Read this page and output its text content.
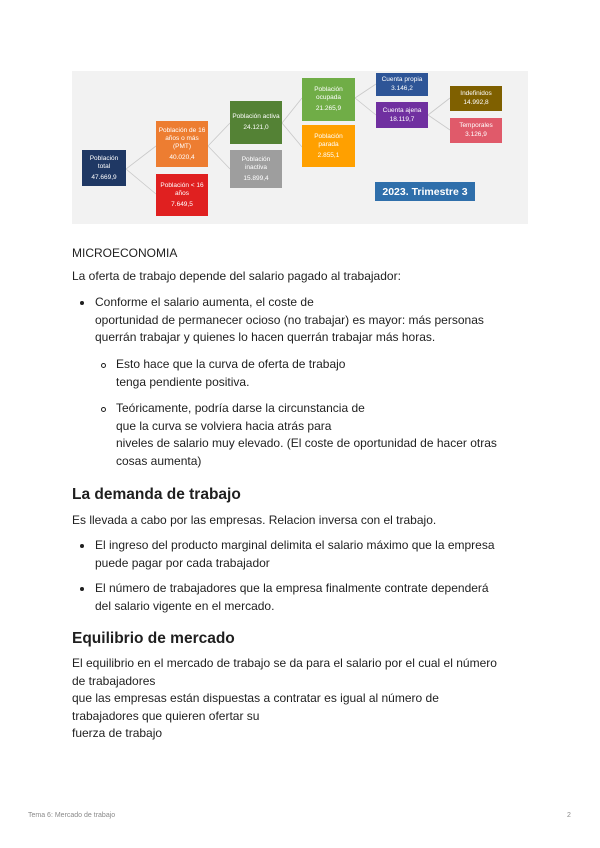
Población total
47.669,9
Población de 16 años o más (PMT)
40.020,4
Población < 16 años
7.649,5
Población activa
24.121,0
Población inactiva
15.899,4
Población ocupada
21.265,9
Población parada
2.855,1
Cuenta propia
3.146,2
Cuenta ajena
18.119,7
Indefinidos
14.992,8
Temporales
3.126,9
2023. Trimestre 3

MICROECONOMIA

La oferta de trabajo depende del salario pagado al trabajador:

Conforme el salario aumenta, el coste de

oportunidad de permanecer ocioso (no trabajar) es mayor: más personas

querrán trabajar y quienes lo hacen querrán trabajar más horas.

Esto hace que la curva de oferta de trabajo

tenga pendiente positiva.

Teóricamente, podría darse la circunstancia de

que la curva se volviera hacia atrás para

niveles de salario muy elevado. (El coste de oportunidad de hacer otras

cosas aumenta)

La demanda de trabajo

Es llevada a cabo por las empresas. Relacion inversa con el trabajo.

El ingreso del producto marginal delimita el salario máximo que la empresa

puede pagar por cada trabajador

El número de trabajadores que la empresa finalmente contrate dependerá

del salario vigente en el mercado.

Equilibrio de mercado

El equilibrio en el mercado de trabajo se da para el salario por el cual el número

de trabajadores

que las empresas están dispuestas a contratar es igual al número de

trabajadores que quieren ofertar su

fuerza de trabajo

Tema 6: Mercado de trabajo	2
